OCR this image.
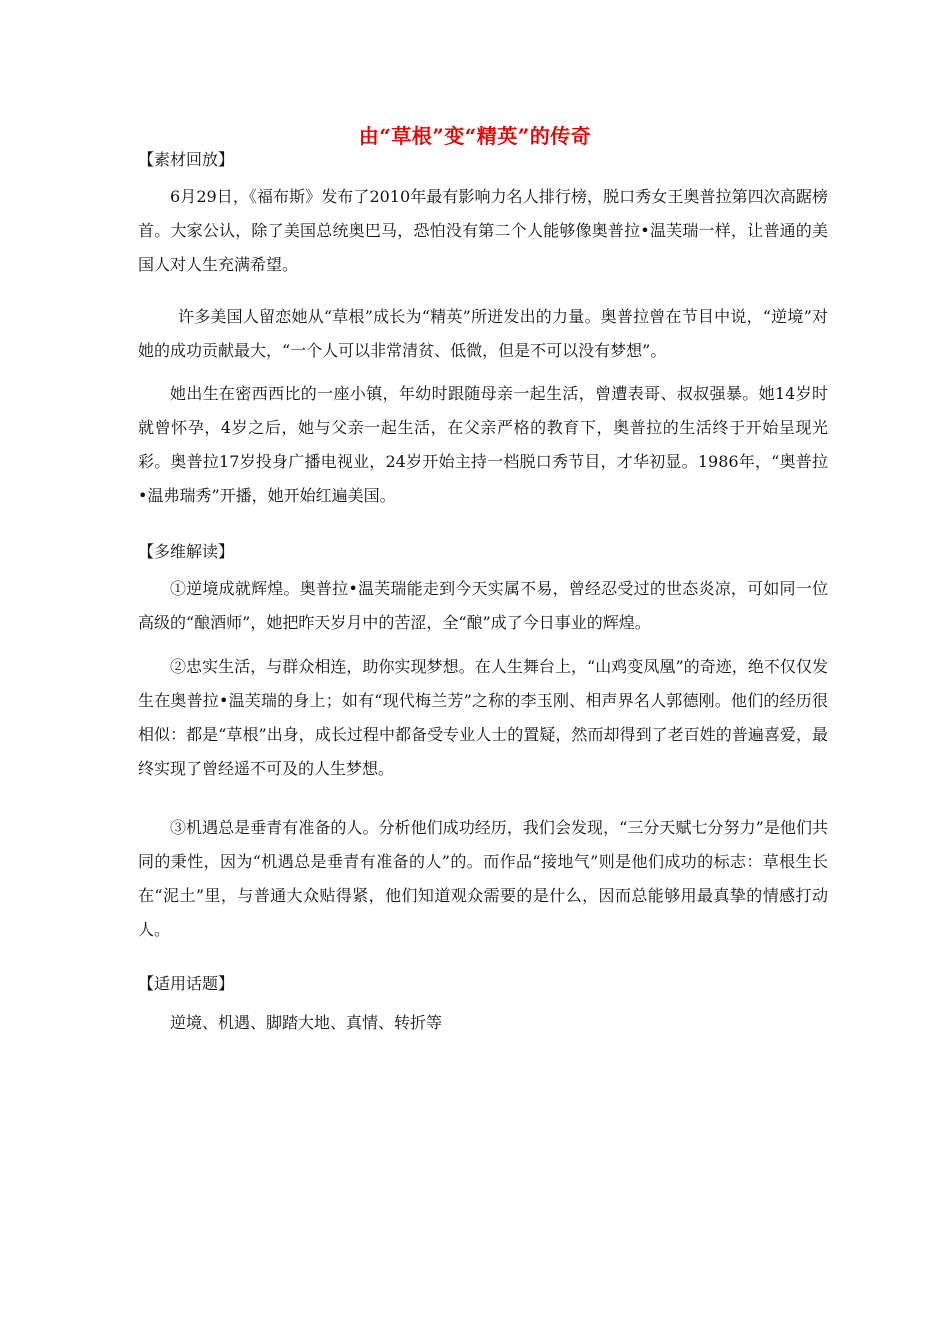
由“草根”变“精英”的传奇
【素材回放】

6月29日，《福布斯》发布了2010年最有影响力名人排行榜，脱口秀女王奥普拉第四次高踞榜首。大家公认，除了美国总统奥巴马，恐怕没有第二个人能够像奥普拉•温芙瑞一样，让普通的美国人对人生充满希望。

许多美国人留恋她从“草根”成长为“精英”所迸发出的力量。奥普拉曾在节目中说，“逆境”对她的成功贡献最大，“一个人可以非常清贫、低微，但是不可以没有梦想”。

她出生在密西西比的一座小镇，年幼时跟随母亲一起生活，曾遭表哥、叔叔强暴。她14岁时就曾怀孕，4岁之后，她与父亲一起生活，在父亲严格的教育下，奥普拉的生活终于开始呈现光彩。奥普拉17岁投身广播电视业，24岁开始主持一档脱口秀节目，才华初显。1986年，“奥普拉•温弗瑞秀”开播，她开始红遍美国。

【多维解读】

①逆境成就辉煌。奥普拉•温芙瑞能走到今天实属不易，曾经忍受过的世态炎凉，可如同一位高级的“酿酒师”，她把昨天岁月中的苦涩，全“酿”成了今日事业的辉煌。

②忠实生活，与群众相连，助你实现梦想。在人生舞台上，“山鸡变凤凰”的奇迹，绝不仅仅发生在奥普拉•温芙瑞的身上；如有“现代梅兰芳”之称的李玉刚、相声界名人郭德刚。他们的经历很相似：都是“草根”出身，成长过程中都备受专业人士的置疑，然而却得到了老百姓的普遍喜爱，最终实现了曾经遥不可及的人生梦想。

③机遇总是垂青有准备的人。分析他们成功经历，我们会发现，“三分天赋七分努力”是他们共同的秉性，因为“机遇总是垂青有准备的人”的。而作品“接地气”则是他们成功的标志：草根生长在“泥土”里，与普通大众贴得紧，他们知道观众需要的是什么，因而总能够用最真挚的情感打动人。

【适用话题】

逆境、机遇、脚踏大地、真情、转折等
